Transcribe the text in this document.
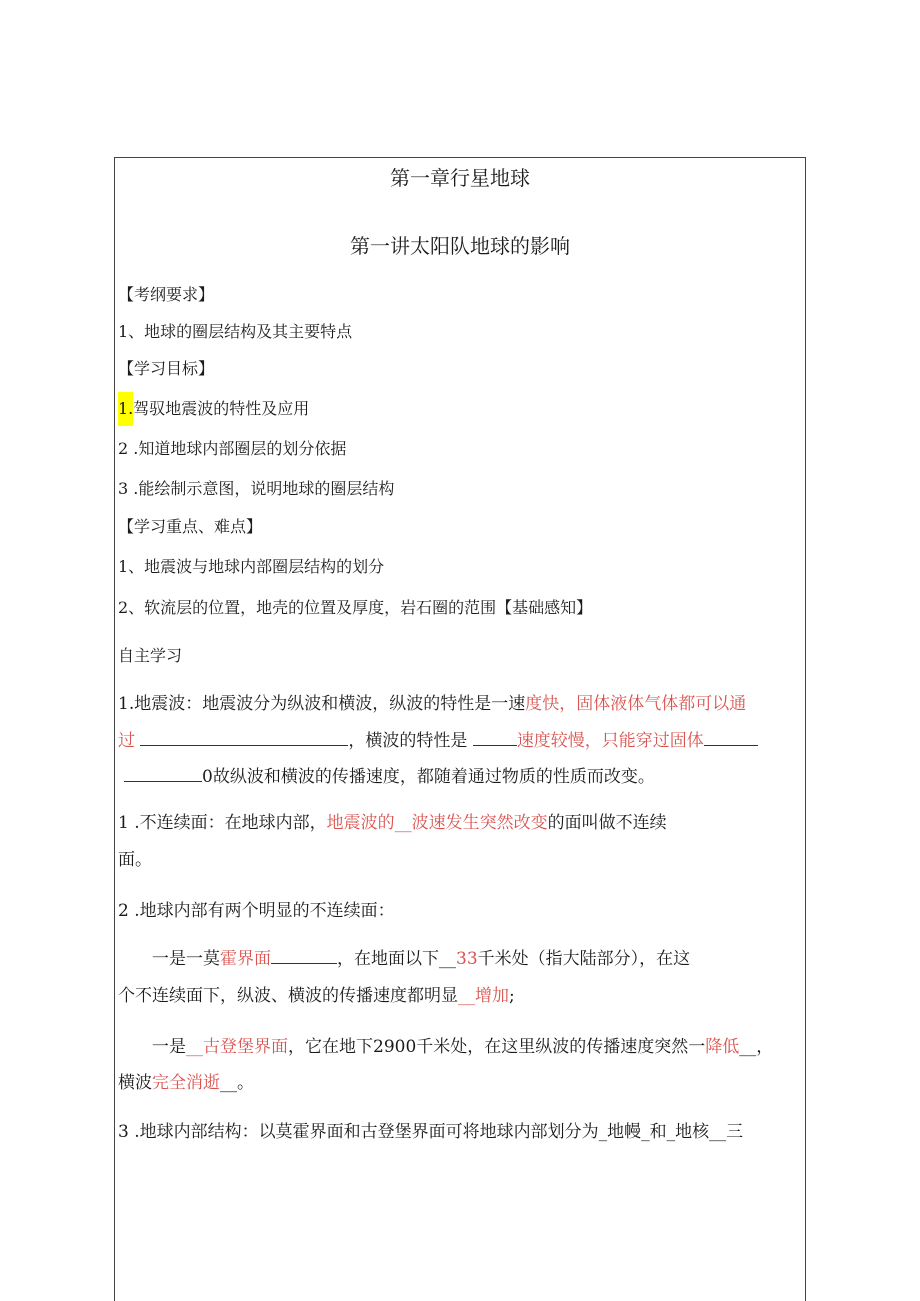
第一章行星地球
第一讲太阳队地球的影响
【考纲要求】
1、地球的圈层结构及其主要特点
【学习目标】
1.驾驭地震波的特性及应用
2 .知道地球内部圈层的划分依据
3 .能绘制示意图，说明地球的圈层结构
【学习重点、难点】
1、地震波与地球内部圈层结构的划分
2、软流层的位置，地壳的位置及厚度，岩石圈的范围【基础感知】
自主学习
1.地震波：地震波分为纵波和横波，纵波的特性是一速度快，固体液体气体都可以通
过	，横波的特性是	速度较慢，只能穿过固体
0故纵波和横波的传播速度，都随着通过物质的性质而改变。
1 .不连续面：在地球内部，地震波的__波速发生突然改变的面叫做不连续
面。
2 .地球内部有两个明显的不连续面：
一是一莫霍界面	，在地面以下__33千米处（指大陆部分），在这
个不连续面下，纵波、横波的传播速度都明显__增加;
一是__古登堡界面，它在地下2900千米处，在这里纵波的传播速度突然一降低__，
横波完全消逝__。
3 .地球内部结构：以莫霍界面和古登堡界面可将地球内部划分为_地幔_和_地核__三
